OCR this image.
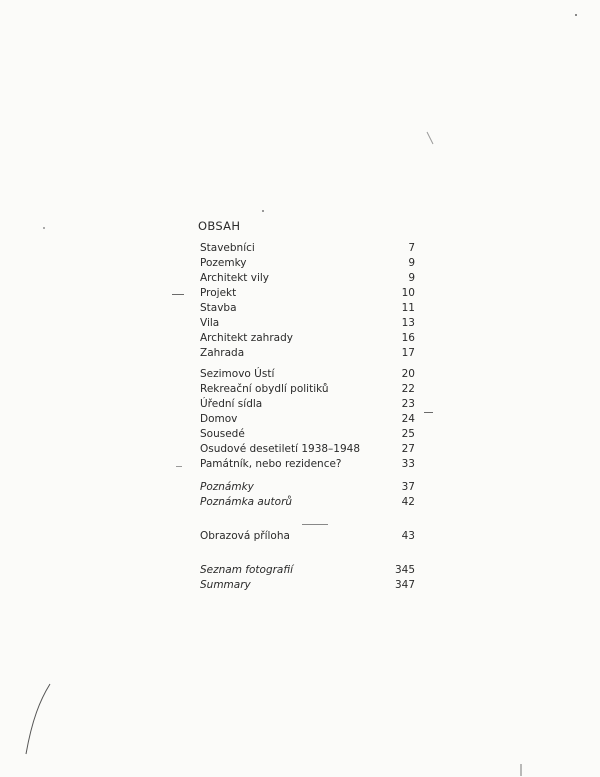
OBSAH
Stavebníci	7
Pozemky	9
Architekt vily	9
Projekt	10
Stavba	11
Vila	13
Architekt zahrady	16
Zahrada	17
Sezimovo Ústí	20
Rekreační obydlí politiků	22
Úřední sídla	23
Domov	24
Sousedé	25
Osudové desetiletí 1938–1948	27
Památník, nebo rezidence?	33
Poznámky	37
Poznámka autorů	42
Obrazová příloha	43
Seznam fotografií	345
Summary	347
